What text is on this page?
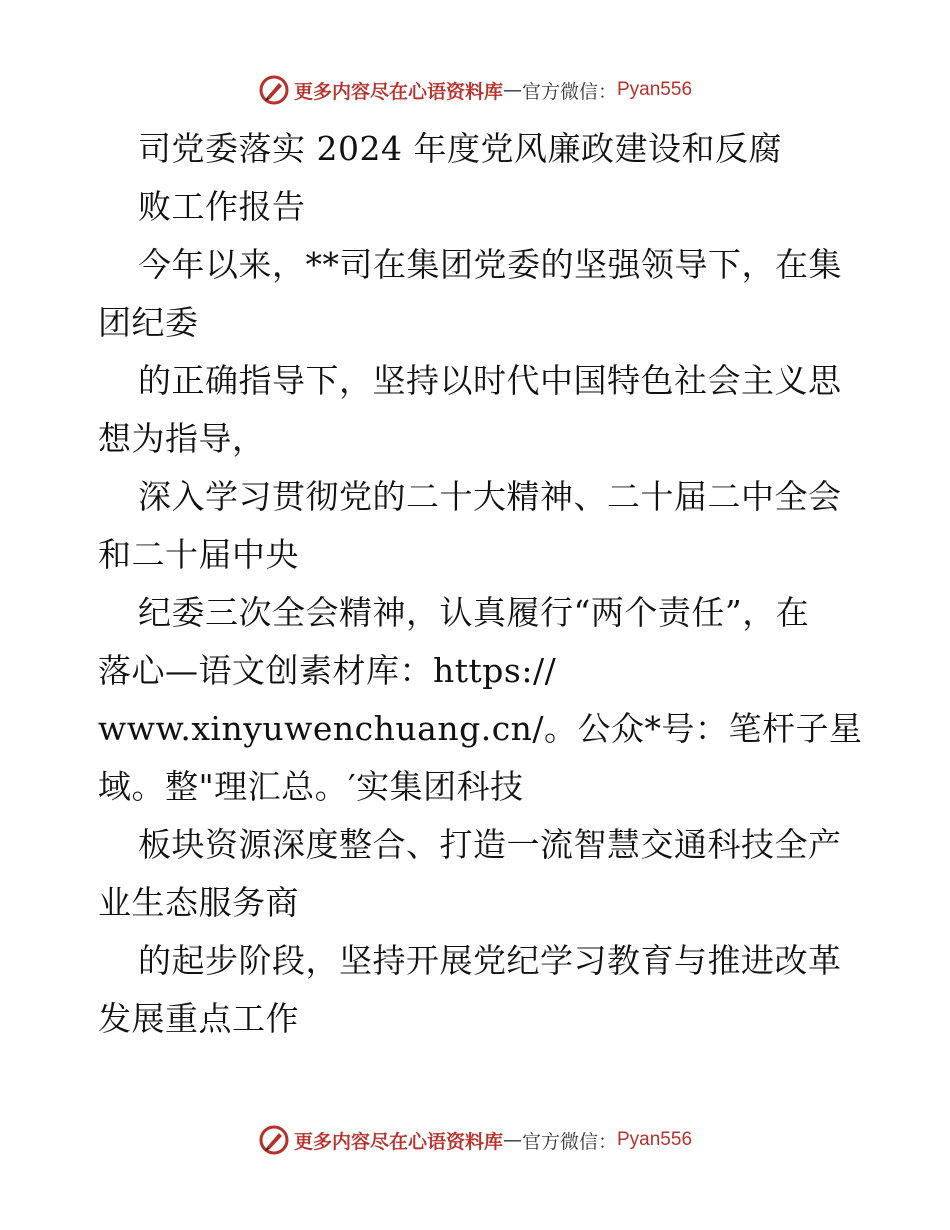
更多内容尽在心语资料库 — 官方微信： Pyan556
司党委落实 2024 年度党风廉政建设和反腐
败工作报告
今年以来，**司在集团党委的坚强领导下，在集
团纪委
的正确指导下，坚持以时代中国特色社会主义思
想为指导，
深入学习贯彻党的二十大精神、二十届二中全会
和二十届中央
纪委三次全会精神，认真履行“两个责任”，在
落心—语文创素材库：https://
www.xinyuwenchuang.cn/。公众*号：笔杆子星
域。整"理汇总。′实集团科技
板块资源深度整合、打造一流智慧交通科技全产
业生态服务商
的起步阶段，坚持开展党纪学习教育与推进改革
发展重点工作
更多内容尽在心语资料库 — 官方微信： Pyan556
